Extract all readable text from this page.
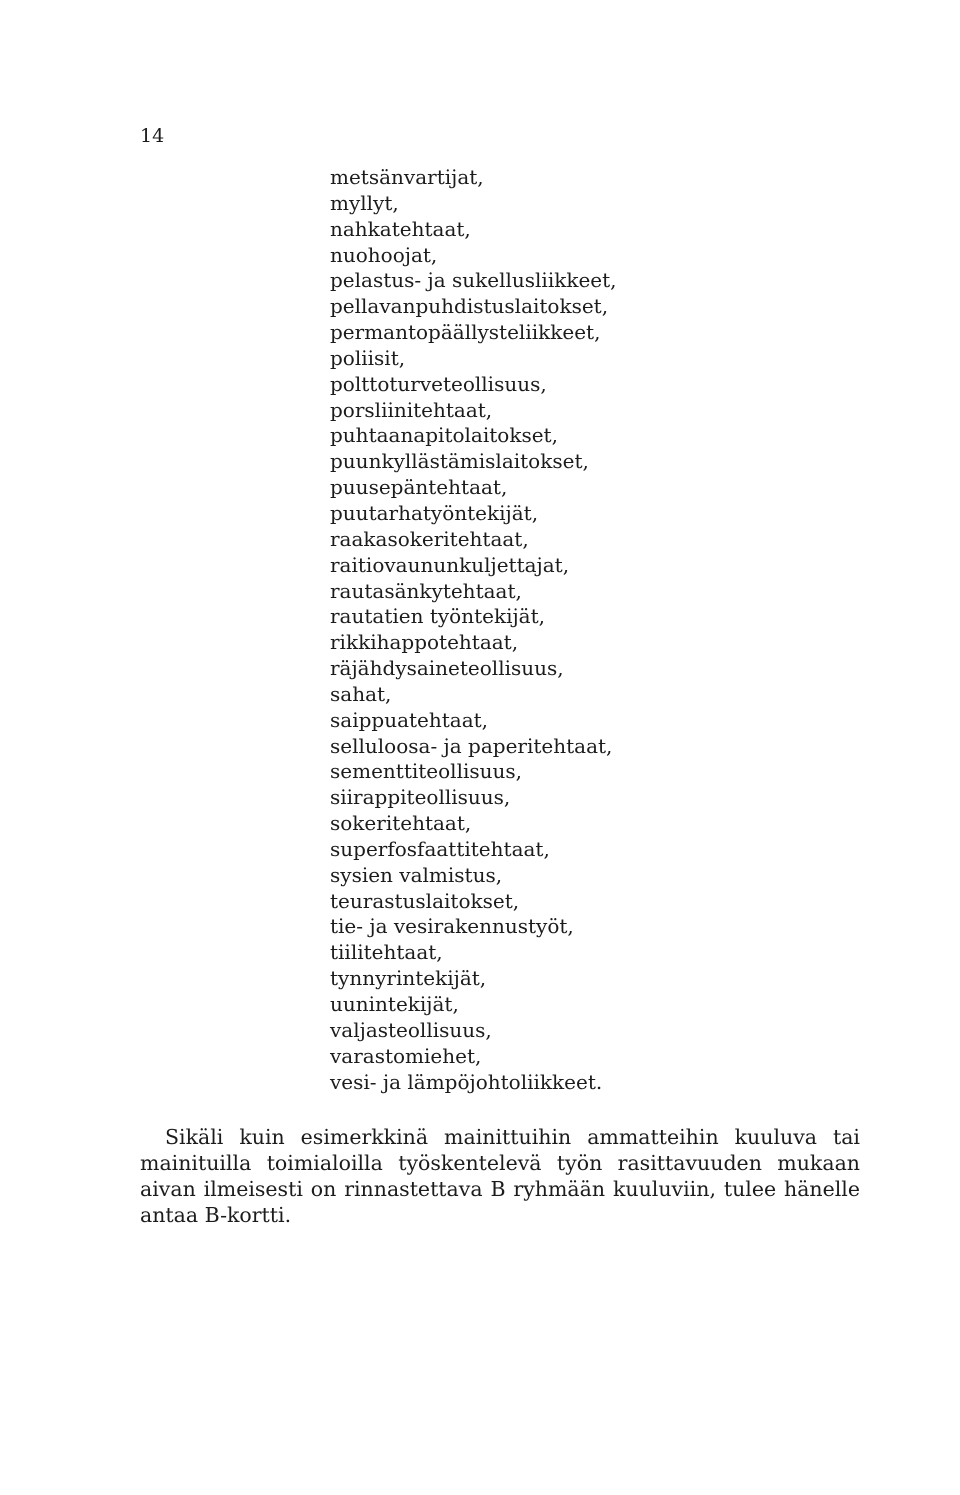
14
metsänvartijat,
myllyt,
nahkatehtaat,
nuohoojat,
pelastus- ja sukellusliikkeet,
pellavanpuhdistuslaitokset,
permantopäällysteliikkeet,
poliisit,
polttoturveteollisuus,
porsliinitehtaat,
puhtaanapitolaitokset,
puunkyllästämislaitokset,
puusepäntehtaat,
puutarhatyöntekijät,
raakasokeritehtaat,
raitiovaununkuljettajat,
rautasänkytehtaat,
rautatien työntekijät,
rikkihappotehtaat,
räjähdysaineteollisuus,
sahat,
saippuatehtaat,
selluloosa- ja paperitehtaat,
sementtiteollisuus,
siirappiteollisuus,
sokeritehtaat,
superfosfaattitehtaat,
sysien valmistus,
teurastuslaitokset,
tie- ja vesirakennustyöt,
tiilitehtaat,
tynnyrintekijät,
uunintekijät,
valjasteollisuus,
varastomiehet,
vesi- ja lämpöjohtoliikkeet.

Sikäli kuin esimerkkinä mainittuihin ammatteihin kuuluva tai mainituilla toimialoilla työskentelevä työn rasittavuuden mukaan aivan ilmeisesti on rinnastettava B ryhmään kuuluviin, tulee hänelle antaa B-kortti.
